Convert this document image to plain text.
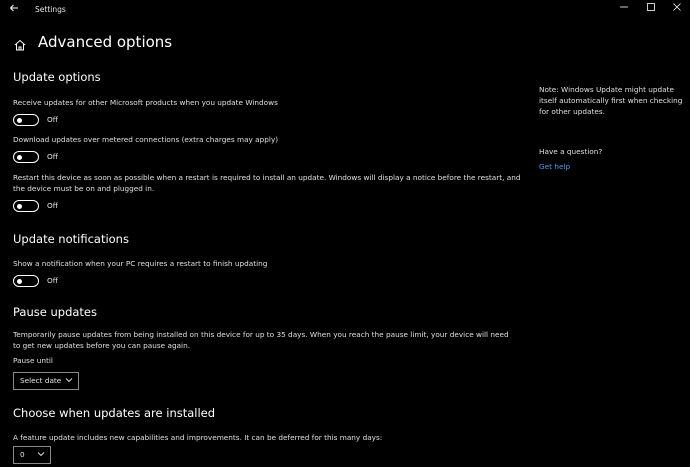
Settings
Advanced options
Update options
Receive updates for other Microsoft products when you update Windows
Off
Download updates over metered connections (extra charges may apply)
Off
Restart this device as soon as possible when a restart is required to install an update. Windows will display a notice before the restart, and the device must be on and plugged in.
Off
Update notifications
Show a notification when your PC requires a restart to finish updating
Off
Pause updates
Temporarily pause updates from being installed on this device for up to 35 days. When you reach the pause limit, your device will need to get new updates before you can pause again.
Pause until
Select date
Choose when updates are installed
A feature update includes new capabilities and improvements. It can be deferred for this many days:
0
Note: Windows Update might update itself automatically first when checking for other updates.
Have a question?
Get help
